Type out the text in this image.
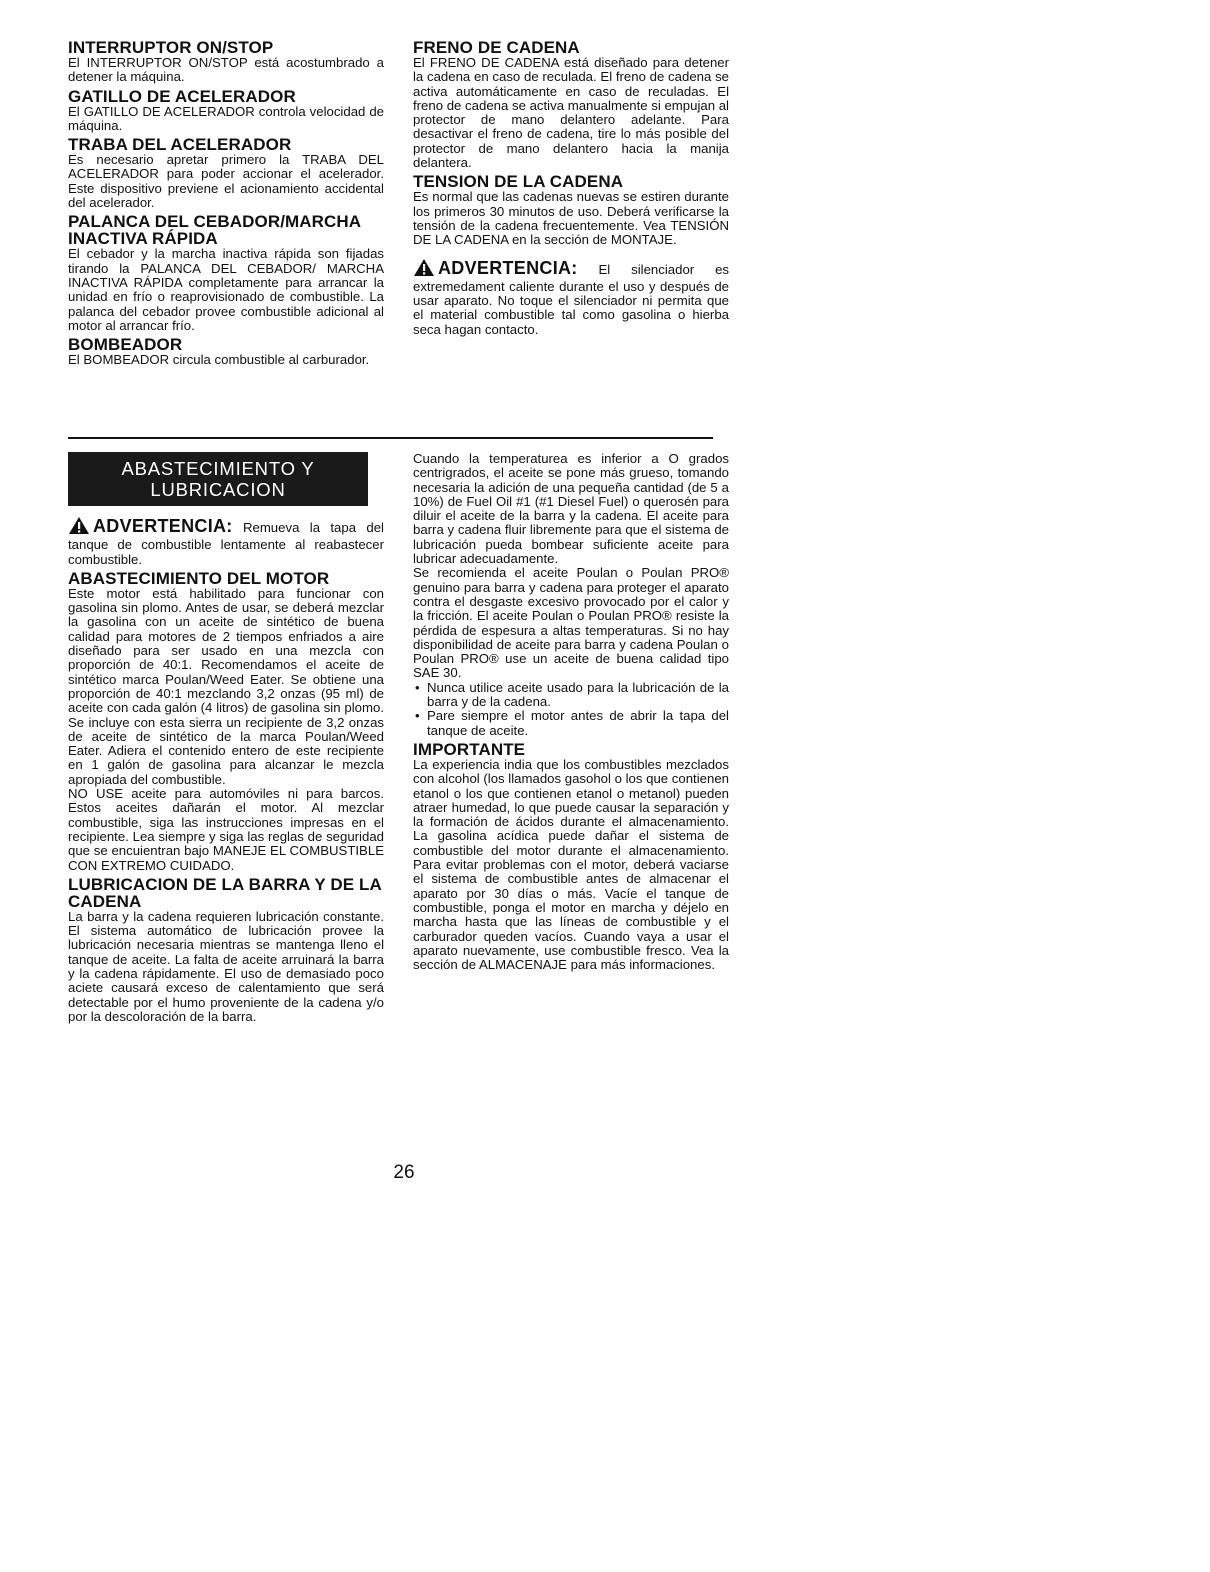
INTERRUPTOR ON/STOP

El INTERRUPTOR ON/STOP está acostumbrado a detener la máquina.

GATILLO DE ACELERADOR

El GATILLO DE ACELERADOR controla velocidad de máquina.

TRABA DEL ACELERADOR

Es necesario apretar primero la TRABA DEL ACELERADOR para poder accionar el acelerador. Este dispositivo previene el acionamiento accidental del acelerador.

PALANCA DEL CEBADOR/MARCHA INACTIVA RÁPIDA

El cebador y la marcha inactiva rápida son fijadas tirando la PALANCA DEL CEBADOR/ MARCHA INACTIVA RÁPIDA completamente para arrancar la unidad en frío o reaprovisionado de combustible. La palanca del cebador provee combustible adicional al motor al arrancar frío.

BOMBEADOR

El BOMBEADOR circula combustible al carburador.

FRENO DE CADENA

El FRENO DE CADENA está diseñado para detener la cadena en caso de reculada. El freno de cadena se activa automáticamente en caso de reculadas. El freno de cadena se activa manualmente si empujan al protector de mano delantero adelante. Para desactivar el freno de cadena, tire lo más posible del protector de mano delantero hacia la manija delantera.

TENSION DE LA CADENA

Es normal que las cadenas nuevas se estiren durante los primeros 30 minutos de uso. Deberá verificarse la tensión de la cadena frecuentemente. Vea TENSIÓN DE LA CADENA en la sección de MONTAJE.

ADVERTENCIA: El silenciador es extremedament caliente durante el uso y después de usar aparato. No toque el silenciador ni permita que el material combustible tal como gasolina o hierba seca hagan contacto.

ABASTECIMIENTO Y
LUBRICACION

ADVERTENCIA: Remueva la tapa del tanque de combustible lentamente al reabastecer combustible.

ABASTECIMIENTO DEL MOTOR

Este motor está habilitado para funcionar con gasolina sin plomo. Antes de usar, se deberá mezclar la gasolina con un aceite de sintético de buena calidad para motores de 2 tiempos enfriados a aire diseñado para ser usado en una mezcla con proporción de 40:1. Recomendamos el aceite de sintético marca Poulan/Weed Eater. Se obtiene una proporción de 40:1 mezclando 3,2 onzas (95 ml) de aceite con cada galón (4 litros) de gasolina sin plomo. Se incluye con esta sierra un recipiente de 3,2 onzas de aceite de sintético de la marca Poulan/Weed Eater. Adiera el contenido entero de este recipiente en 1 galón de gasolina para alcanzar le mezcla apropiada del combustible.

NO USE aceite para automóviles ni para barcos. Estos aceites dañarán el motor. Al mezclar combustible, siga las instrucciones impresas en el recipiente. Lea siempre y siga las reglas de seguridad que se encuientran bajo MANEJE EL COMBUSTIBLE CON EXTREMO CUIDADO.

LUBRICACION DE LA BARRA Y DE LA CADENA

La barra y la cadena requieren lubricación constante. El sistema automático de lubricación provee la lubricación necesaria mientras se mantenga lleno el tanque de aceite. La falta de aceite arruinará la barra y la cadena rápidamente. El uso de demasiado poco aciete causará exceso de calentamiento que será detectable por el humo proveniente de la cadena y/o por la descoloración de la barra.

Cuando la temperaturea es inferior a O grados centrigrados, el aceite se pone más grueso, tomando necesaria la adición de una pequeña cantidad (de 5 a 10%) de Fuel Oil #1 (#1 Diesel Fuel) o querosén para diluir el aceite de la barra y la cadena. El aceite para barra y cadena fluir libremente para que el sistema de lubricación pueda bombear suficiente aceite para lubricar adecuadamente.

Se recomienda el aceite Poulan o Poulan PRO® genuino para barra y cadena para proteger el aparato contra el desgaste excesivo provocado por el calor y la fricción. El aceite Poulan o Poulan PRO® resiste la pérdida de espesura a altas temperaturas. Si no hay disponibilidad de aceite para barra y cadena Poulan o Poulan PRO® use un aceite de buena calidad tipo SAE 30.

• Nunca utilice aceite usado para la lubricación de la barra y de la cadena.
• Pare siempre el motor antes de abrir la tapa del tanque de aceite.
IMPORTANTE

La experiencia india que los combustibles mezclados con alcohol (los llamados gasohol o los que contienen etanol o los que contienen etanol o metanol) pueden atraer humedad, lo que puede causar la separación y la formación de ácidos durante el almacenamiento. La gasolina acídica puede dañar el sistema de combustible del motor durante el almacenamiento. Para evitar problemas con el motor, deberá vaciarse el sistema de combustible antes de almacenar el aparato por 30 días o más. Vacíe el tanque de combustible, ponga el motor en marcha y déjelo en marcha hasta que las líneas de combustible y el carburador queden vacíos. Cuando vaya a usar el aparato nuevamente, use combustible fresco. Vea la sección de ALMACENAJE para más informaciones.

26
